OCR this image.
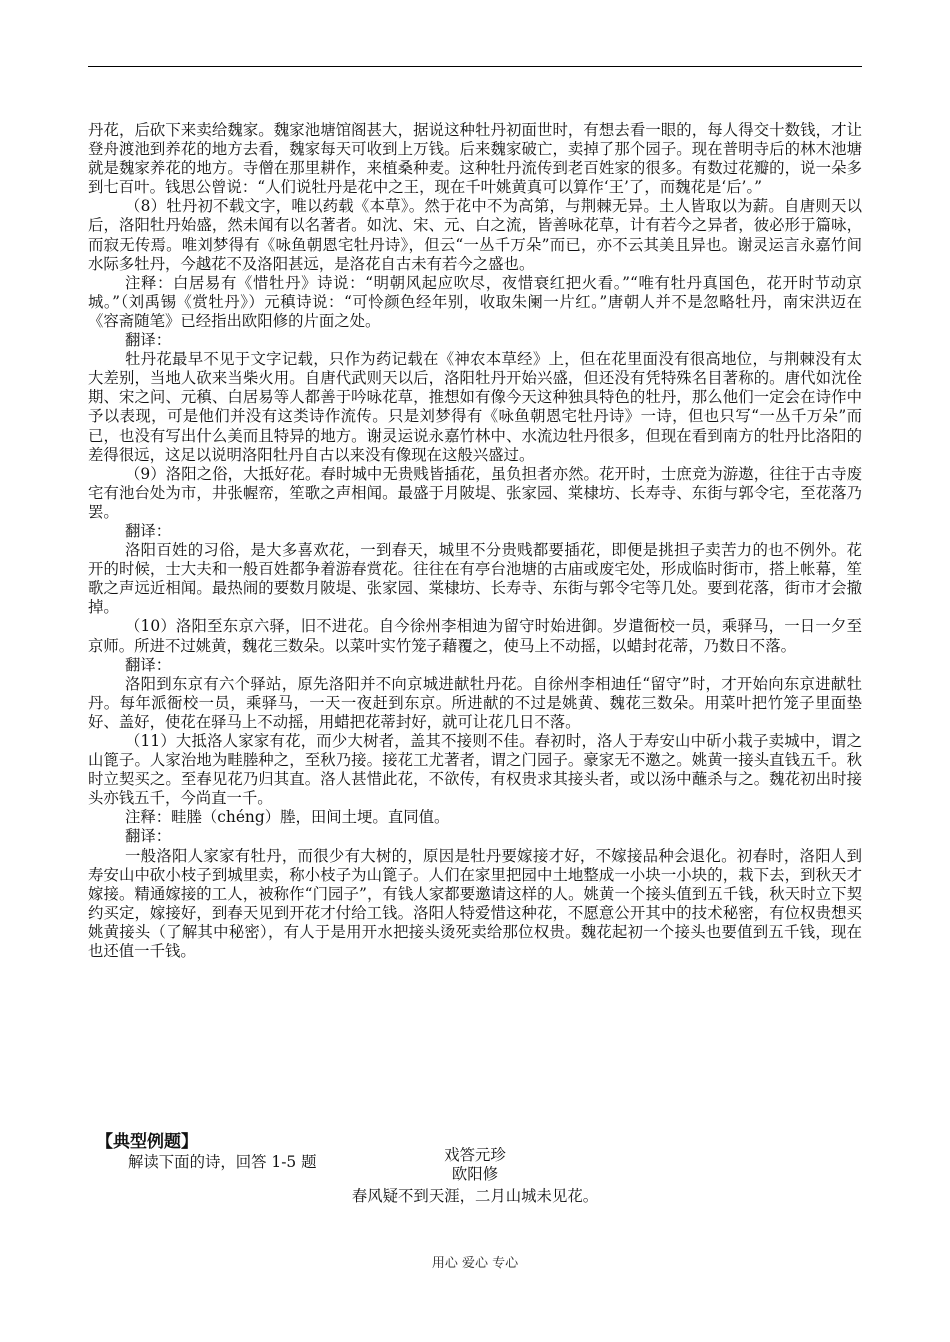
丹花，后砍下来卖给魏家。魏家池塘馆阁甚大，据说这种牡丹初面世时，有想去看一眼的，每人得交十数钱，才让登舟渡池到养花的地方去看，魏家每天可收到上万钱。后来魏家破亡，卖掉了那个园子。现在普明寺后的林木池塘就是魏家养花的地方。寺僧在那里耕作，来植桑种麦。这种牡丹流传到老百姓家的很多。有数过花瓣的，说一朵多到七百叶。钱思公曾说：“人们说牡丹是花中之王，现在千叶姚黄真可以算作‘王’了，而魏花是‘后’。”

（8）牡丹初不载文字，唯以药载《本草》。然于花中不为高第，与荆棘无异。土人皆取以为薪。自唐则天以后，洛阳牡丹始盛，然未闻有以名著者。如沈、宋、元、白之流，皆善咏花草，计有若今之异者，彼必形于篇咏，而寂无传焉。唯刘梦得有《咏鱼朝恩宅牡丹诗》，但云“一丛千万朵”而已，亦不云其美且异也。谢灵运言永嘉竹间水际多牡丹，今越花不及洛阳甚远，是洛花自古未有若今之盛也。

注释：白居易有《惜牡丹》诗说：“明朝风起应吹尽，夜惜衰红把火看。”“唯有牡丹真国色，花开时节动京城。”（刘禹锡《赏牡丹》）元稹诗说：“可怜颜色经年别，收取朱阑一片红。”唐朝人并不是忽略牡丹，南宋洪迈在《容斋随笔》已经指出欧阳修的片面之处。

翻译：

牡丹花最早不见于文字记载，只作为药记载在《神农本草经》上，但在花里面没有很高地位，与荆棘没有太大差别，当地人砍来当柴火用。自唐代武则天以后，洛阳牡丹开始兴盛，但还没有凭特殊名目著称的。唐代如沈佺期、宋之问、元稹、白居易等人都善于吟咏花草，推想如有像今天这种独具特色的牡丹，那么他们一定会在诗作中予以表现，可是他们并没有这类诗作流传。只是刘梦得有《咏鱼朝恩宅牡丹诗》一诗，但也只写“一丛千万朵”而已，也没有写出什么美而且特异的地方。谢灵运说永嘉竹林中、水流边牡丹很多，但现在看到南方的牡丹比洛阳的差得很远，这足以说明洛阳牡丹自古以来没有像现在这般兴盛过。

（9）洛阳之俗，大抵好花。春时城中无贵贱皆插花，虽负担者亦然。花开时，士庶竞为游遨，往往于古寺废宅有池台处为市，井张幄帟，笙歌之声相闻。最盛于月陂堤、张家园、棠棣坊、长寿寺、东街与郭令宅，至花落乃罢。

翻译：

洛阳百姓的习俗，是大多喜欢花，一到春天，城里不分贵贱都要插花，即便是挑担子卖苦力的也不例外。花开的时候，士大夫和一般百姓都争着游春赏花。往往在有亭台池塘的古庙或废宅处，形成临时街市，搭上帐幕，笙歌之声远近相闻。最热闹的要数月陂堤、张家园、棠棣坊、长寿寺、东街与郭令宅等几处。要到花落，街市才会撤掉。

（10）洛阳至东京六驿，旧不进花。自今徐州李相迪为留守时始进御。岁遣衙校一员，乘驿马，一日一夕至京师。所进不过姚黄，魏花三数朵。以菜叶实竹笼子藉覆之，使马上不动摇，以蜡封花蒂，乃数日不落。

翻译：

洛阳到东京有六个驿站，原先洛阳并不向京城进献牡丹花。自徐州李相迪任“留守”时，才开始向东京进献牡丹。每年派衙校一员，乘驿马，一天一夜赶到东京。所进献的不过是姚黄、魏花三数朵。用菜叶把竹笼子里面垫好、盖好，使花在驿马上不动摇，用蜡把花蒂封好，就可让花几日不落。

（11）大抵洛人家家有花，而少大树者，盖其不接则不佳。春初时，洛人于寿安山中斫小栽子卖城中，谓之山篦子。人家治地为畦塍种之，至秋乃接。接花工尤著者，谓之门园子。豪家无不邀之。姚黄一接头直钱五千。秋时立契买之。至春见花乃归其直。洛人甚惜此花，不欲传，有权贵求其接头者，或以汤中蘸杀与之。魏花初出时接头亦钱五千，今尚直一千。

注释：畦塍（chéng）塍，田间土埂。直同值。

翻译：

一般洛阳人家家有牡丹，而很少有大树的，原因是牡丹要嫁接才好，不嫁接品种会退化。初春时，洛阳人到寿安山中砍小枝子到城里卖，称小枝子为山篦子。人们在家里把园中土地整成一小块一小块的，栽下去，到秋天才嫁接。精通嫁接的工人，被称作“门园子”，有钱人家都要邀请这样的人。姚黄一个接头值到五千钱，秋天时立下契约买定，嫁接好，到春天见到开花才付给工钱。洛阳人特爱惜这种花，不愿意公开其中的技术秘密，有位权贵想买姚黄接头（了解其中秘密），有人于是用开水把接头烫死卖给那位权贵。魏花起初一个接头也要值到五千钱，现在也还值一千钱。

【典型例题】
解读下面的诗，回答 1-5 题	戏答元珍
欧阳修
春风疑不到天涯，二月山城未见花。
用心 爱心 专心
